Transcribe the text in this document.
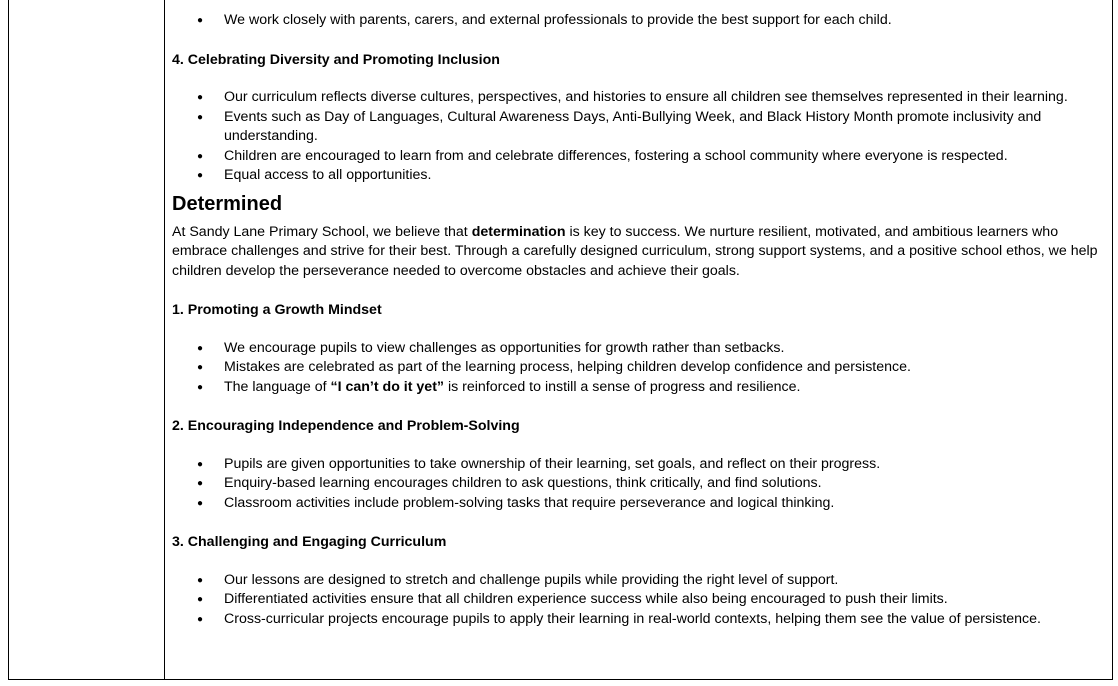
● We work closely with parents, carers, and external professionals to provide the best support for each child.

4. Celebrating Diversity and Promoting Inclusion

● Our curriculum reflects diverse cultures, perspectives, and histories to ensure all children see themselves represented in their learning.
● Events such as Day of Languages, Cultural Awareness Days, Anti-Bullying Week, and Black History Month promote inclusivity and understanding.
● Children are encouraged to learn from and celebrate differences, fostering a school community where everyone is respected.
● Equal access to all opportunities.
Determined

At Sandy Lane Primary School, we believe that determination is key to success. We nurture resilient, motivated, and ambitious learners who embrace challenges and strive for their best. Through a carefully designed curriculum, strong support systems, and a positive school ethos, we help children develop the perseverance needed to overcome obstacles and achieve their goals.

1. Promoting a Growth Mindset

● We encourage pupils to view challenges as opportunities for growth rather than setbacks.
● Mistakes are celebrated as part of the learning process, helping children develop confidence and persistence.
● The language of “I can’t do it yet” is reinforced to instill a sense of progress and resilience.

2. Encouraging Independence and Problem-Solving

● Pupils are given opportunities to take ownership of their learning, set goals, and reflect on their progress.
● Enquiry-based learning encourages children to ask questions, think critically, and find solutions.
● Classroom activities include problem-solving tasks that require perseverance and logical thinking.

3. Challenging and Engaging Curriculum

● Our lessons are designed to stretch and challenge pupils while providing the right level of support.
● Differentiated activities ensure that all children experience success while also being encouraged to push their limits.
● Cross-curricular projects encourage pupils to apply their learning in real-world contexts, helping them see the value of persistence.
